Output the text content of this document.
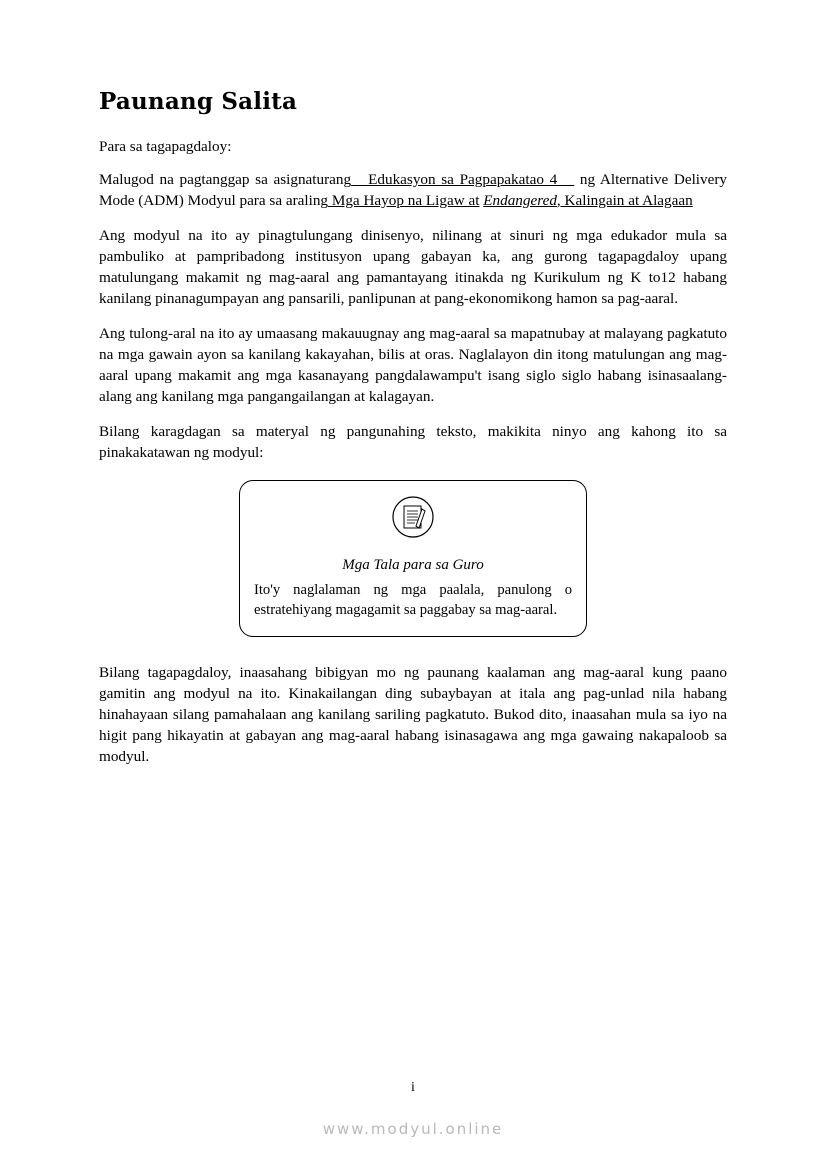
Paunang Salita

Para sa tagapagdaloy:

Malugod na pagtanggap sa asignaturang   Edukasyon sa Pagpapakatao 4    ng Alternative Delivery Mode (ADM) Modyul para sa araling Mga Hayop na Ligaw at Endangered, Kalingain at Alagaan

Ang modyul na ito ay pinagtulungang dinisenyo, nilinang at sinuri ng mga edukador mula sa pambuliko at pampribadong institusyon upang gabayan ka, ang gurong tagapagdaloy upang matulungang makamit ng mag-aaral ang pamantayang itinakda ng Kurikulum ng K to12 habang kanilang pinanagumpayan ang pansarili, panlipunan at pang-ekonomikong hamon sa pag-aaral.

Ang tulong-aral na ito ay umaasang makauugnay ang mag-aaral sa mapatnubay at malayang pagkatuto na mga gawain ayon sa kanilang kakayahan, bilis at oras. Naglalayon din itong matulungan ang mag-aaral upang makamit ang mga kasanayang pangdalawampu't isang siglo siglo habang isinasaalang-alang ang kanilang mga pangangailangan at kalagayan.

Bilang karagdagan sa materyal ng pangunahing teksto, makikita ninyo ang kahong ito sa pinakakatawan ng modyul:

Mga Tala para sa Guro

Ito'y naglalaman ng mga paalala, panulong o estratehiyang magagamit sa paggabay sa mag-aaral.

Bilang tagapagdaloy, inaasahang bibigyan mo ng paunang kaalaman ang mag-aaral kung paano gamitin ang modyul na ito. Kinakailangan ding subaybayan at itala ang pag-unlad nila habang hinahayaan silang pamahalaan ang kanilang sariling pagkatuto. Bukod dito, inaasahan mula sa iyo na higit pang hikayatin at gabayan ang mag-aaral habang isinasagawa ang mga gawaing nakapaloob sa modyul.

i
www.modyul.online
